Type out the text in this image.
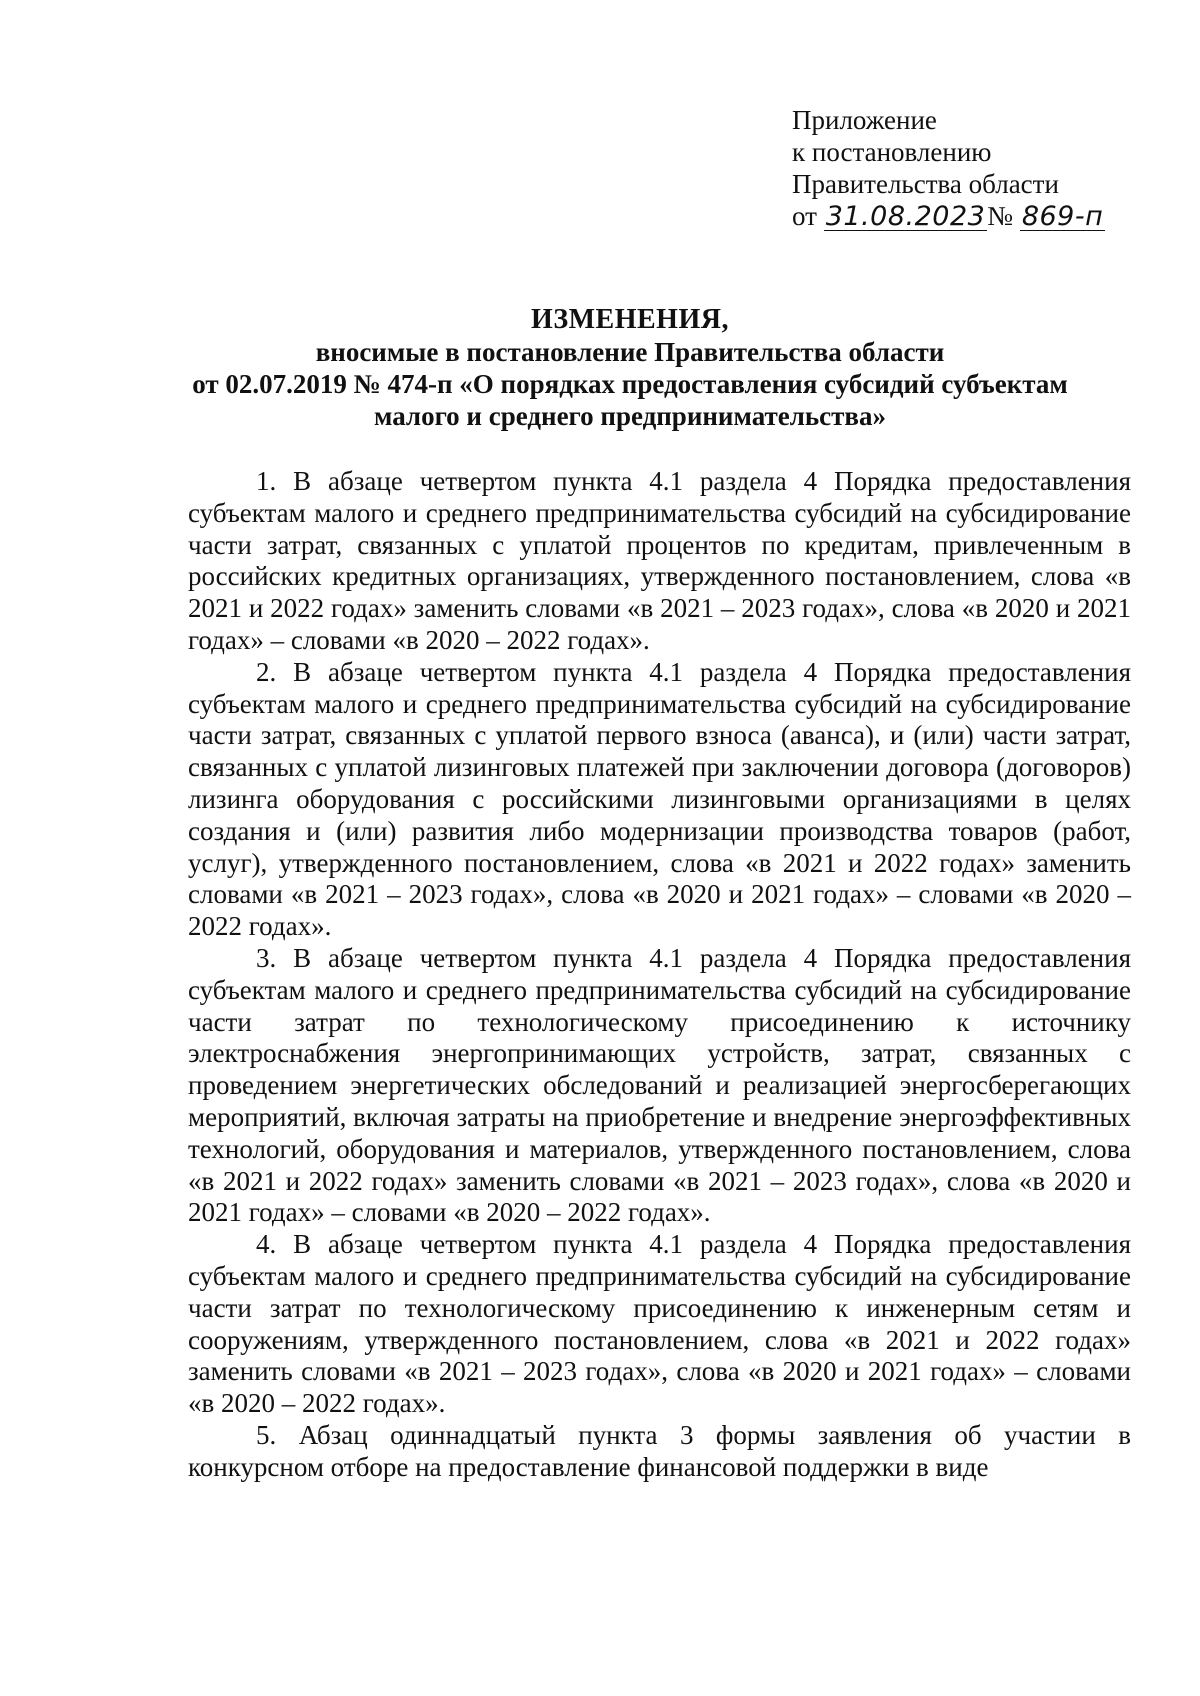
Приложение
к постановлению
Правительства области
от 31.08.2023№ 869-п
ИЗМЕНЕНИЯ,
вносимые в постановление Правительства области
от 02.07.2019 № 474-п «О порядках предоставления субсидий субъектам
малого и среднего предпринимательства»

1. В абзаце четвертом пункта 4.1 раздела 4 Порядка предоставления субъектам малого и среднего предпринимательства субсидий на субсидирование части затрат, связанных с уплатой процентов по кредитам, привлеченным в российских кредитных организациях, утвержденного постановлением, слова «в 2021 и 2022 годах» заменить словами «в 2021 – 2023 годах», слова «в 2020 и 2021 годах» – словами «в 2020 – 2022 годах».

2. В абзаце четвертом пункта 4.1 раздела 4 Порядка предоставления субъектам малого и среднего предпринимательства субсидий на субсидирование части затрат, связанных с уплатой первого взноса (аванса), и (или) части затрат, связанных с уплатой лизинговых платежей при заключении договора (договоров) лизинга оборудования с российскими лизинговыми организациями в целях создания и (или) развития либо модернизации производства товаров (работ, услуг), утвержденного постановлением, слова «в 2021 и 2022 годах» заменить словами «в 2021 – 2023 годах», слова «в 2020 и 2021 годах» – словами «в 2020 – 2022 годах».

3. В абзаце четвертом пункта 4.1 раздела 4 Порядка предоставления субъектам малого и среднего предпринимательства субсидий на субсидирование части затрат по технологическому присоединению к источнику электроснабжения энергопринимающих устройств, затрат, связанных с проведением энергетических обследований и реализацией энергосберегающих мероприятий, включая затраты на приобретение и внедрение энергоэффективных технологий, оборудования и материалов, утвержденного постановлением, слова «в 2021 и 2022 годах» заменить словами «в 2021 – 2023 годах», слова «в 2020 и 2021 годах» – словами «в 2020 – 2022 годах».

4. В абзаце четвертом пункта 4.1 раздела 4 Порядка предоставления субъектам малого и среднего предпринимательства субсидий на субсидирование части затрат по технологическому присоединению к инженерным сетям и сооружениям, утвержденного постановлением, слова «в 2021 и 2022 годах» заменить словами «в 2021 – 2023 годах», слова «в 2020 и 2021 годах» – словами «в 2020 – 2022 годах».

5. Абзац одиннадцатый пункта 3 формы заявления об участии в конкурсном отборе на предоставление финансовой поддержки в виде
